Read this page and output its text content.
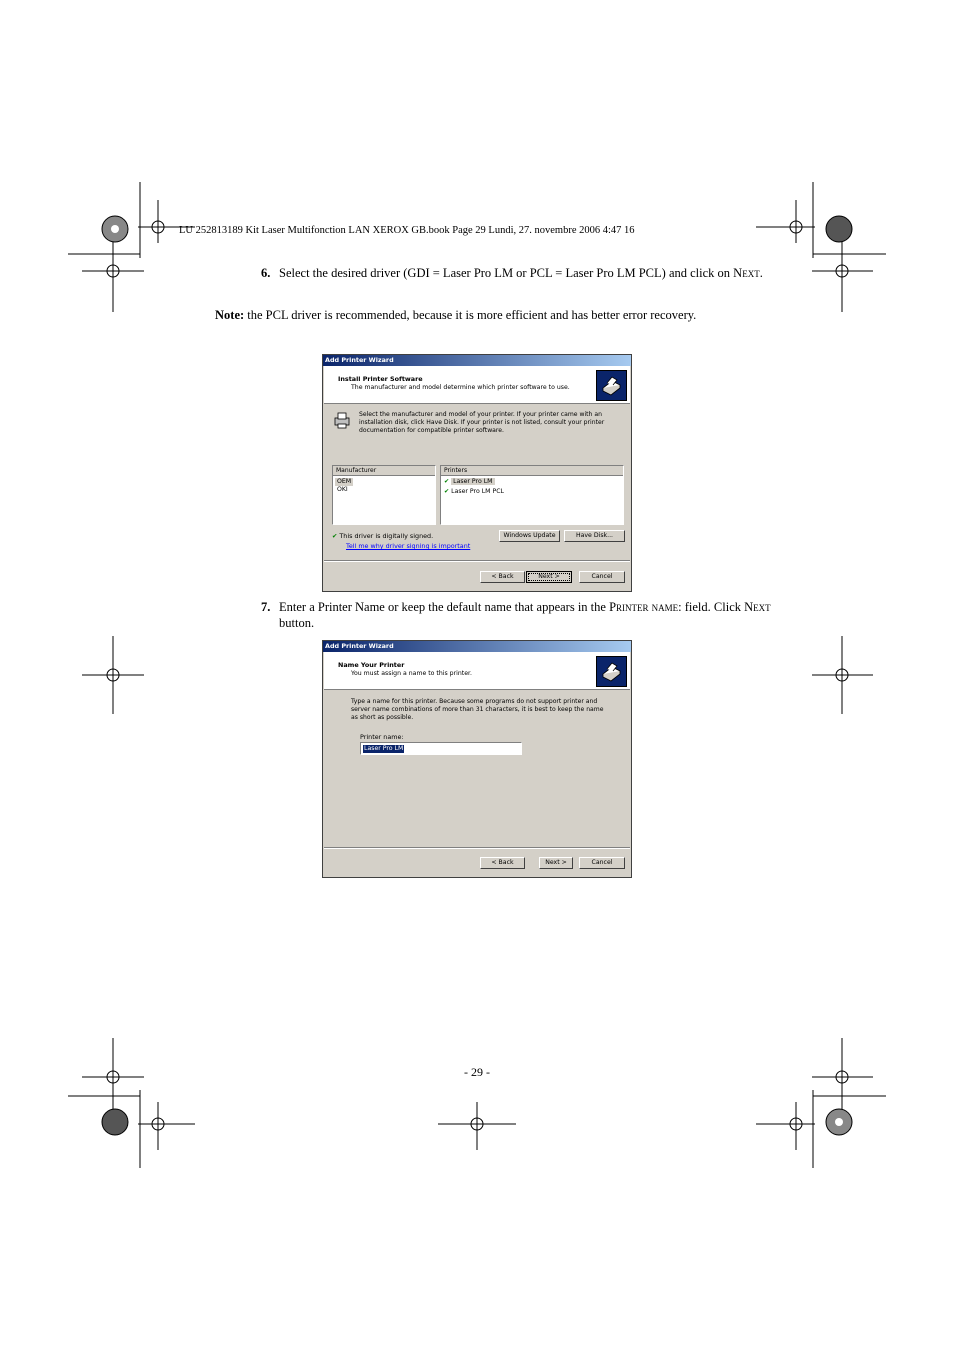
LU 252813189 Kit Laser Multifonction LAN XEROX GB.book Page 29 Lundi, 27. novembre 2006 4:47 16
6. Select the desired driver (GDI = Laser Pro LM or PCL = Laser Pro LM PCL) and click on Next.
Note: the PCL driver is recommended, because it is more efficient and has better error recovery.
Add Printer Wizard
Install Printer Software
The manufacturer and model determine which printer software to use.
Select the manufacturer and model of your printer. If your printer came with an installation disk, click Have Disk. If your printer is not listed, consult your printer documentation for compatible printer software.
Manufacturer
OEM
OKI
Printers
✔ Laser Pro LM
✔ Laser Pro LM PCL
✔ This driver is digitally signed.
Tell me why driver signing is important
Windows Update	Have Disk...
< Back	Next >	Cancel
7. Enter a Printer Name or keep the default name that appears in the Printer name: field. Click Next
button.
Add Printer Wizard
Name Your Printer
You must assign a name to this printer.
Type a name for this printer. Because some programs do not support printer and server name combinations of more than 31 characters, it is best to keep the name as short as possible.
Printer name:
Laser Pro LM
< Back	Next >	Cancel
- 29 -
